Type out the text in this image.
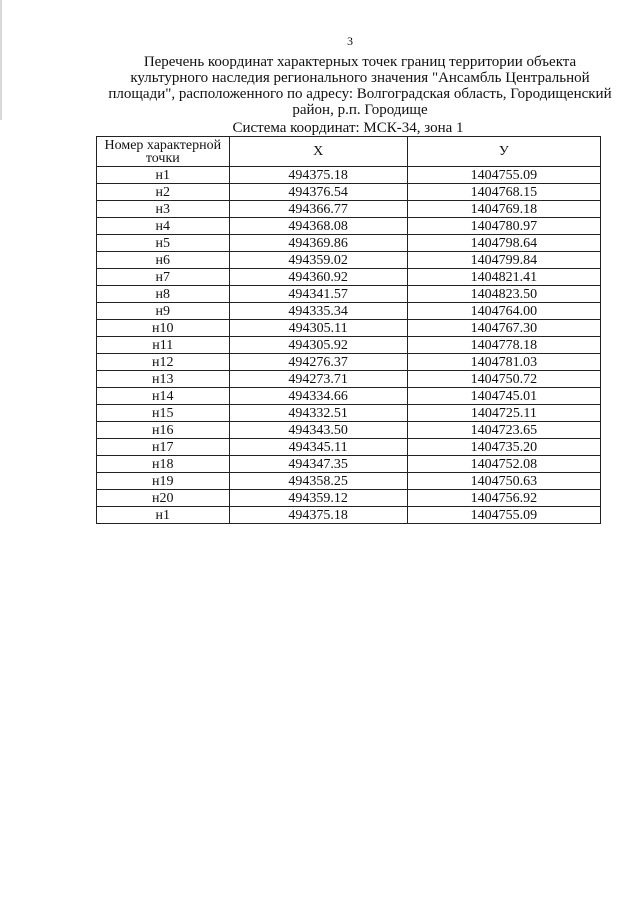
3
Перечень координат характерных точек границ территории объекта
культурного наследия регионального значения "Ансамбль Центральной
площади", расположенного по адресу: Волгоградская область, Городищенский
район, р.п. Городище
Система координат: МСК-34, зона 1
Номер характерной точки	X	У
н1	494375.18	1404755.09
н2	494376.54	1404768.15
н3	494366.77	1404769.18
н4	494368.08	1404780.97
н5	494369.86	1404798.64
н6	494359.02	1404799.84
н7	494360.92	1404821.41
н8	494341.57	1404823.50
н9	494335.34	1404764.00
н10	494305.11	1404767.30
н11	494305.92	1404778.18
н12	494276.37	1404781.03
н13	494273.71	1404750.72
н14	494334.66	1404745.01
н15	494332.51	1404725.11
н16	494343.50	1404723.65
н17	494345.11	1404735.20
н18	494347.35	1404752.08
н19	494358.25	1404750.63
н20	494359.12	1404756.92
н1	494375.18	1404755.09
